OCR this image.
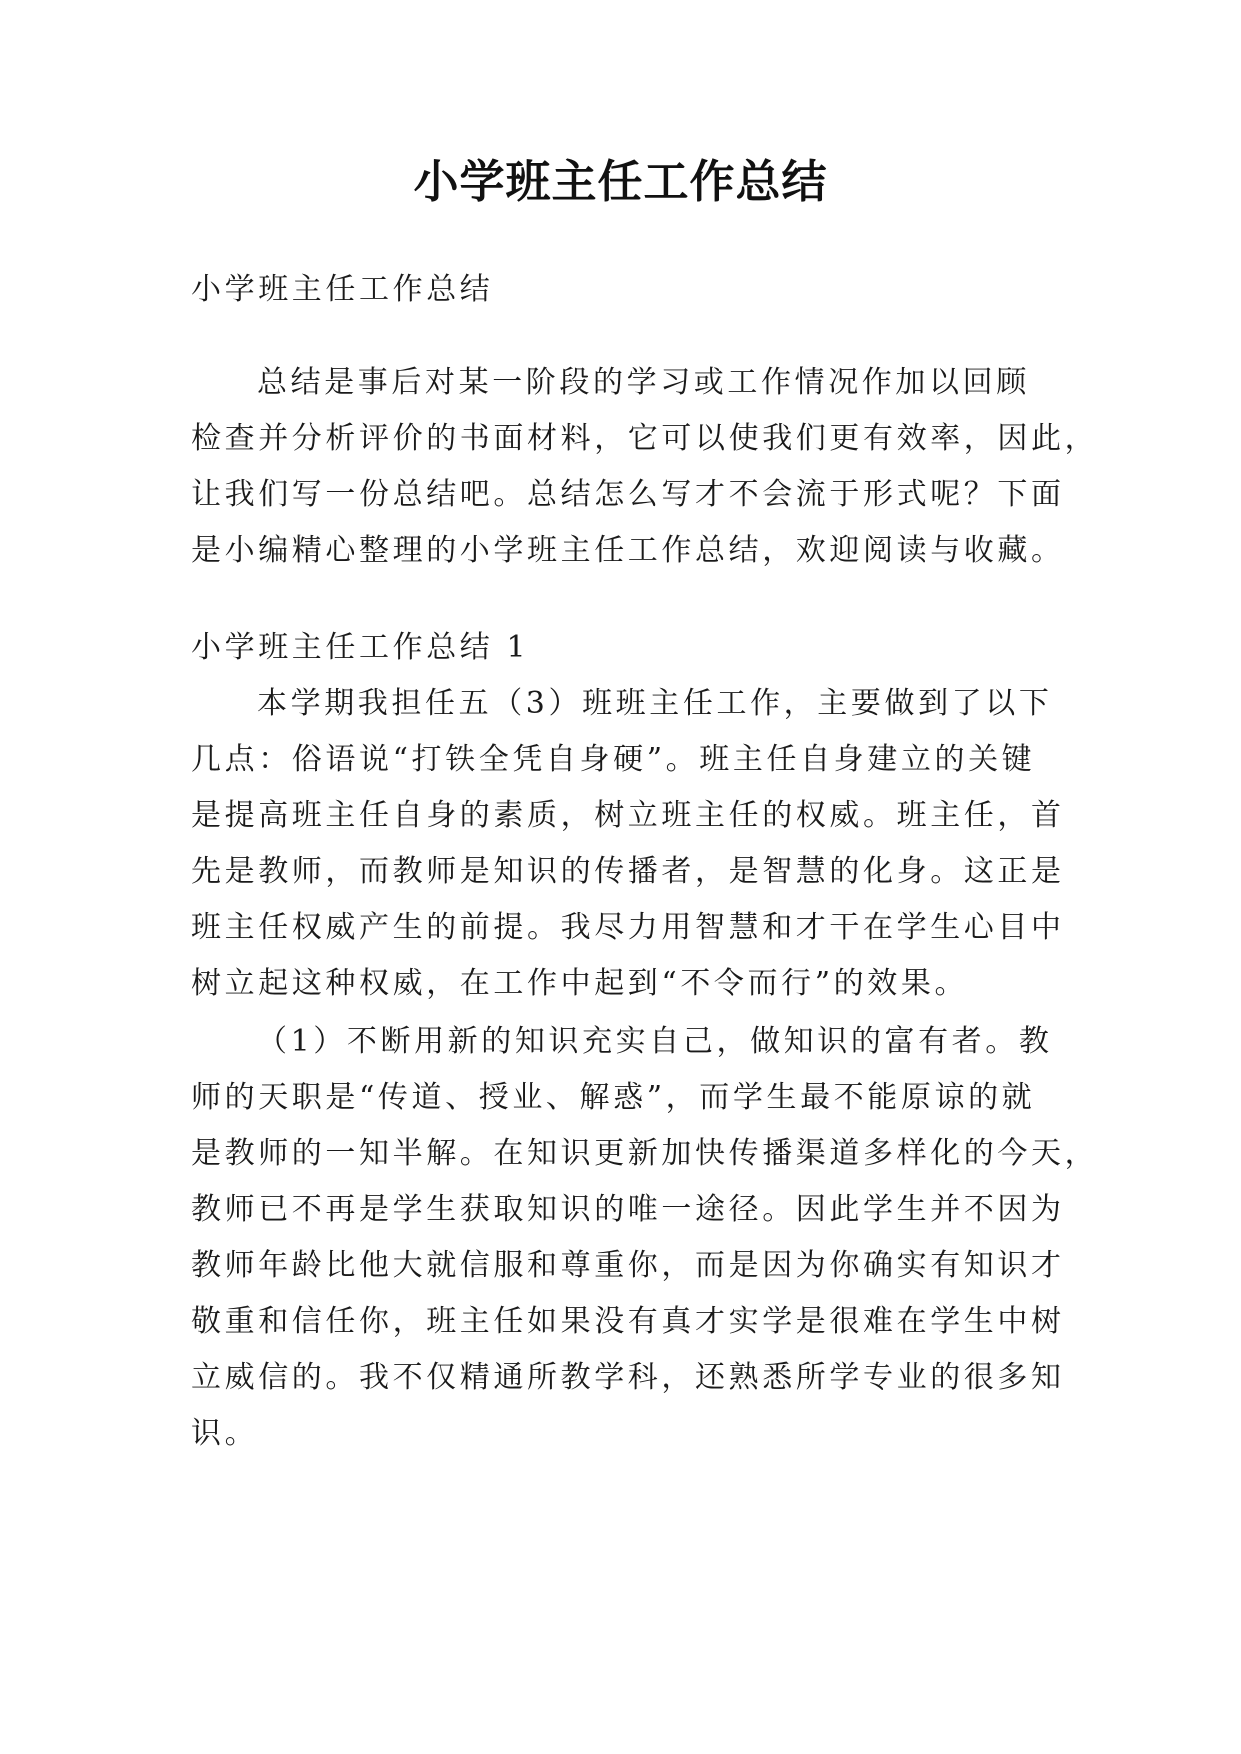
小学班主任工作总结

小学班主任工作总结

总结是事后对某一阶段的学习或工作情况作加以回顾
检查并分析评价的书面材料，它可以使我们更有效率，因此，
让我们写一份总结吧。总结怎么写才不会流于形式呢？下面
是小编精心整理的小学班主任工作总结，欢迎阅读与收藏。

小学班主任工作总结 1

本学期我担任五（3）班班主任工作，主要做到了以下
几点：俗语说“打铁全凭自身硬”。班主任自身建立的关键
是提高班主任自身的素质，树立班主任的权威。班主任，首
先是教师，而教师是知识的传播者，是智慧的化身。这正是
班主任权威产生的前提。我尽力用智慧和才干在学生心目中
树立起这种权威，在工作中起到“不令而行”的效果。
（1）不断用新的知识充实自己，做知识的富有者。教
师的天职是“传道、授业、解惑”，而学生最不能原谅的就
是教师的一知半解。在知识更新加快传播渠道多样化的今天，
教师已不再是学生获取知识的唯一途径。因此学生并不因为
教师年龄比他大就信服和尊重你，而是因为你确实有知识才
敬重和信任你，班主任如果没有真才实学是很难在学生中树
立威信的。我不仅精通所教学科，还熟悉所学专业的很多知
识。
